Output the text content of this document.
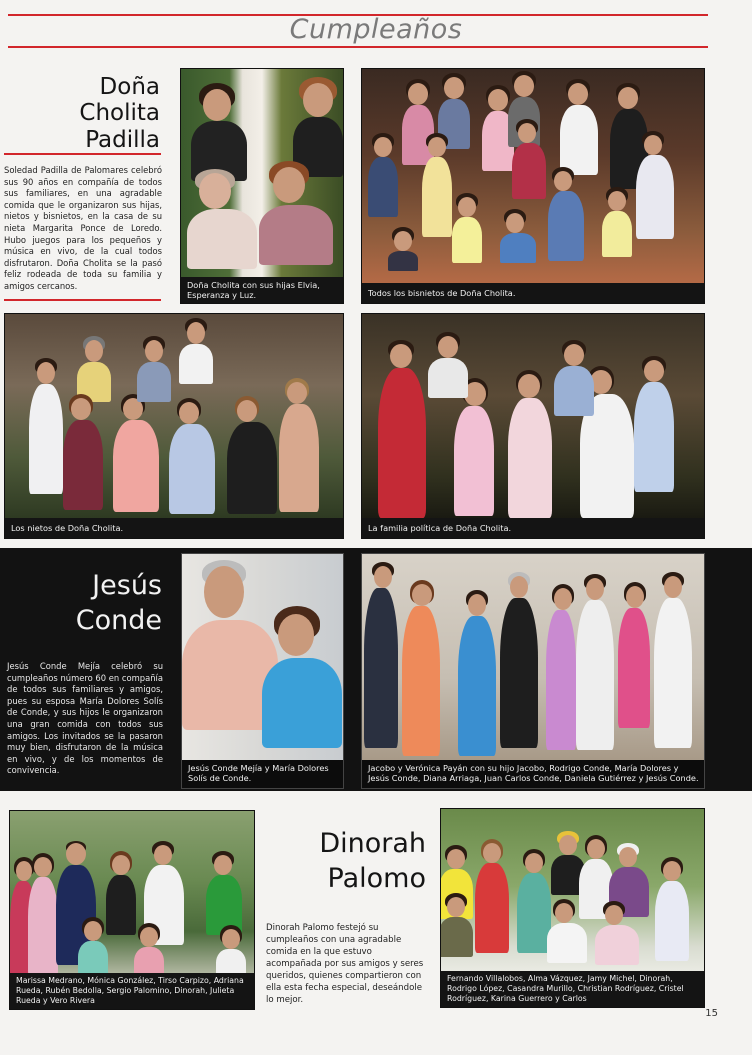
Cumpleaños
Doña
Cholita Padilla
Soledad Padilla de Palomares celebró sus 90 años en compañía de todos sus familiares, en una agradable comida que le organizaron sus hijas, nietos y bisnietos, en la casa de su nieta Margarita Ponce de Loredo. Hubo juegos para los pequeños y música en vivo, de la cual todos disfrutaron. Doña Cholita se la pasó feliz rodeada de toda su familia y amigos cercanos.	Doña Cholita con sus hijas Elvia, Esperanza y Luz.	Todos los bisnietos de Doña Cholita.
Los nietos de Doña Cholita.	La familia política de Doña Cholita.
Jesús
Conde
Jesús Conde Mejía celebró su cumpleaños número 60 en compañía de todos sus familiares y amigos, pues su esposa María Dolores Solís de Conde, y sus hijos le organizaron una gran comida con todos sus amigos. Los invitados se la pasaron muy bien, disfrutaron de la música en vivo, y de los momentos de convivencia.	Jesús Conde Mejía y María Dolores Solís de Conde.
Jacobo y Verónica Payán con su hijo Jacobo, Rodrigo Conde, María Dolores y Jesús Conde, Diana Arriaga, Juan Carlos Conde, Daniela Gutiérrez y Jesús Conde.
Marissa Medrano, Mónica González, Tirso Carpizo, Adriana Rueda, Rubén Bedolla, Sergio Palomino, Dinorah, Julieta Rueda y Vero Rivera
Dinorah
Palomo
Dinorah Palomo festejó su cumpleaños con una agradable comida en la que estuvo acompañada por sus amigos y seres queridos, quienes compartieron con ella esta fecha especial, deseándole lo mejor.
Fernando Villalobos, Alma Vázquez, Jamy Michel, Dinorah, Rodrigo López, Casandra Murillo, Christian Rodríguez, Cristel Rodríguez, Karina Guerrero y Carlos
15
